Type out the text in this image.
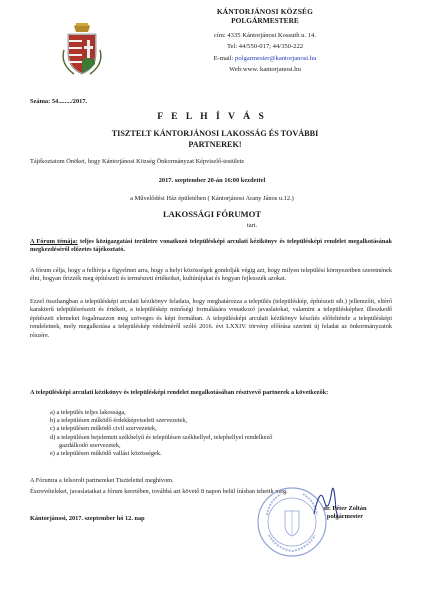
KÁNTORJÁNOSI KÖZSÉG
POLGÁRMESTERE
cím: 4335 Kántorjánosi Kossuth u. 14.
Tel: 44/550-017; 44/350-222
E-mail: polgarmester@kantorjanosi.hu
Web:www. kantorjanosi.hu
Száma: 54......../2017.
F E L H Í V Á S
TISZTELT KÁNTORJÁNOSI LAKOSSÁG ÉS TOVÁBBI
PARTNEREK!
Tájékoztatom Önöket, hogy Kántorjánosi Község Önkormányzat Képviselő-testülete
2017. szeptember 20-án 16:00 kezdettel
a Művelődési Ház épületében ( Kántorjánosi Arany János u.12.)
LAKOSSÁGI FÓRUMOT
tart.
A Fórum témája: teljes közigazgatási területre vonatkozó településképi arculati kézikönyv és településképi rendelet megalkotásának megkezdéséről előzetes tájékoztató.
A fórum célja, hogy a felhívja a figyelmet arra, hogy a helyi közösségek gondolják végig azt, hogy milyen települési környezetben szeretnének élni, hogyan őrizzék meg építészeti és természeti értékeiket, kultúrájukat és hogyan fejlesszék azokat.
Ezzel összhangban a településképi arculati kézikönyv feladata, hogy meghatározza a település (településkép, építészeti stb.) jellemzőit, eltérő karakterű településrészeit és értékeit, a településkép minőségi formálására vonatkozó javaslatokat, valamint a településképhez illeszkedő építészeti elemeket fogalmazzon meg szöveges és képi formában. A településképi arculati kézikönyv készítés előfeltétele a településképi rendeletnek, mely megalkotása a településkép védelméről szóló 2016. évi LXXIV. törvény előírása szerinti új feladat az önkormányzatok részére.
A településképi arculati kézikönyv és településképi rendelet megalkotásában résztvevő partnerek a következők:
a) a település teljes lakossága,
b) a településen működő érdekképviseleti szervezetek,
c) a településen működő civil szervezetek,
d) a településen bejelentett székhelyű és településen székhellyel, telephellyel rendelkező
gazdálkodó szervezetek,
e) a településen működő vallási közösségek.
A Fórumra a felsorolt partnereket Tisztelettel meghívom.
Észrevételeket, javaslataikat a fórum keretében, továbbá azt követő 8 napon belül írásban tehetik meg.
Kántorjánosi, 2017. szeptember hó 12. nap
dr. Péter Zoltán
polgármester
